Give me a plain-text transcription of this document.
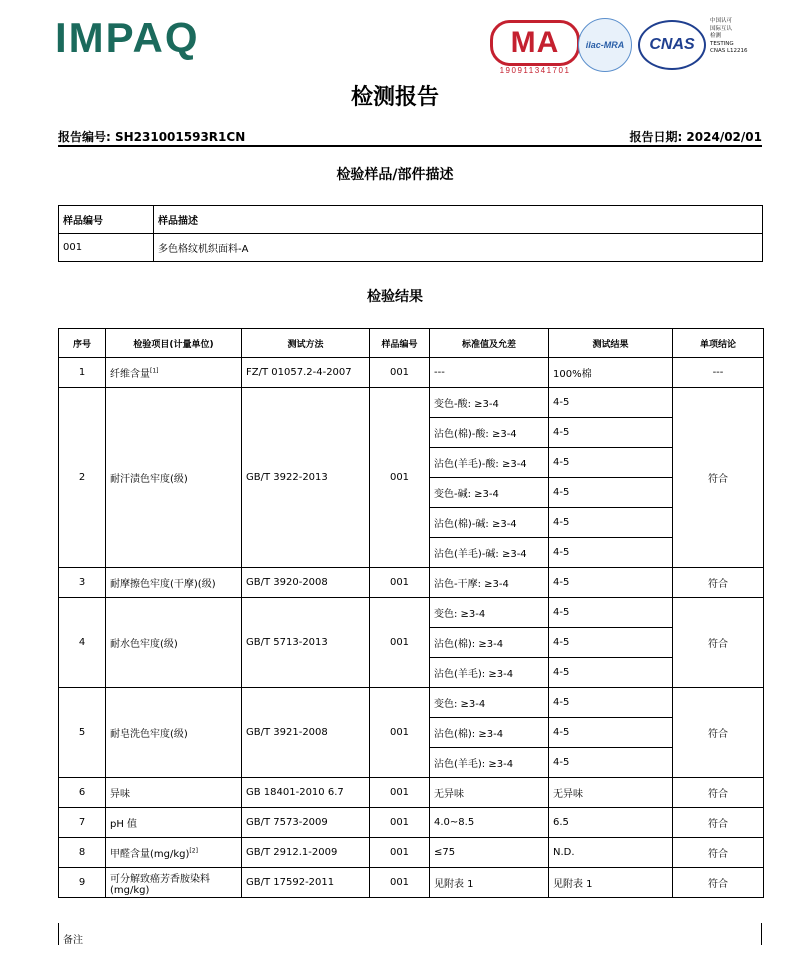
IMPAQ	MA
190911341701
ilac-MRA	CNAS
中国认可
国际互认
检测
TESTING
CNAS L12216
检测报告
报告编号: SH231001593R1CN	报告日期: 2024/02/01
检验样品/部件描述
样品编号	样品描述
001	多色格纹机织面料-A
检验结果
序号	检验项目(计量单位)	测试方法	样品编号	标准值及允差	测试结果	单项结论
1	纤维含量[1]	FZ/T 01057.2-4-2007	001	---	100%棉	---
2	耐汗渍色牢度(级)	GB/T 3922-2013	001	变色-酸: ≥3-4	4-5	符合
				沾色(棉)-酸: ≥3-4	4-5	
				沾色(羊毛)-酸: ≥3-4	4-5	
				变色-碱: ≥3-4	4-5	
				沾色(棉)-碱: ≥3-4	4-5	
				沾色(羊毛)-碱: ≥3-4	4-5	
3	耐摩擦色牢度(干摩)(级)	GB/T 3920-2008	001	沾色-干摩: ≥3-4	4-5	符合
4	耐水色牢度(级)	GB/T 5713-2013	001	变色: ≥3-4	4-5	符合
				沾色(棉): ≥3-4	4-5	
				沾色(羊毛): ≥3-4	4-5	
5	耐皂洗色牢度(级)	GB/T 3921-2008	001	变色: ≥3-4	4-5	符合
				沾色(棉): ≥3-4	4-5	
				沾色(羊毛): ≥3-4	4-5	
6	异味	GB 18401-2010 6.7	001	无异味	无异味	符合
7	pH 值	GB/T 7573-2009	001	4.0~8.5	6.5	符合
8	甲醛含量(mg/kg)[2]	GB/T 2912.1-2009	001	≤75	N.D.	符合
9	可分解致癌芳香胺染料(mg/kg)	GB/T 17592-2011	001	见附表 1	见附表 1	符合
备注
